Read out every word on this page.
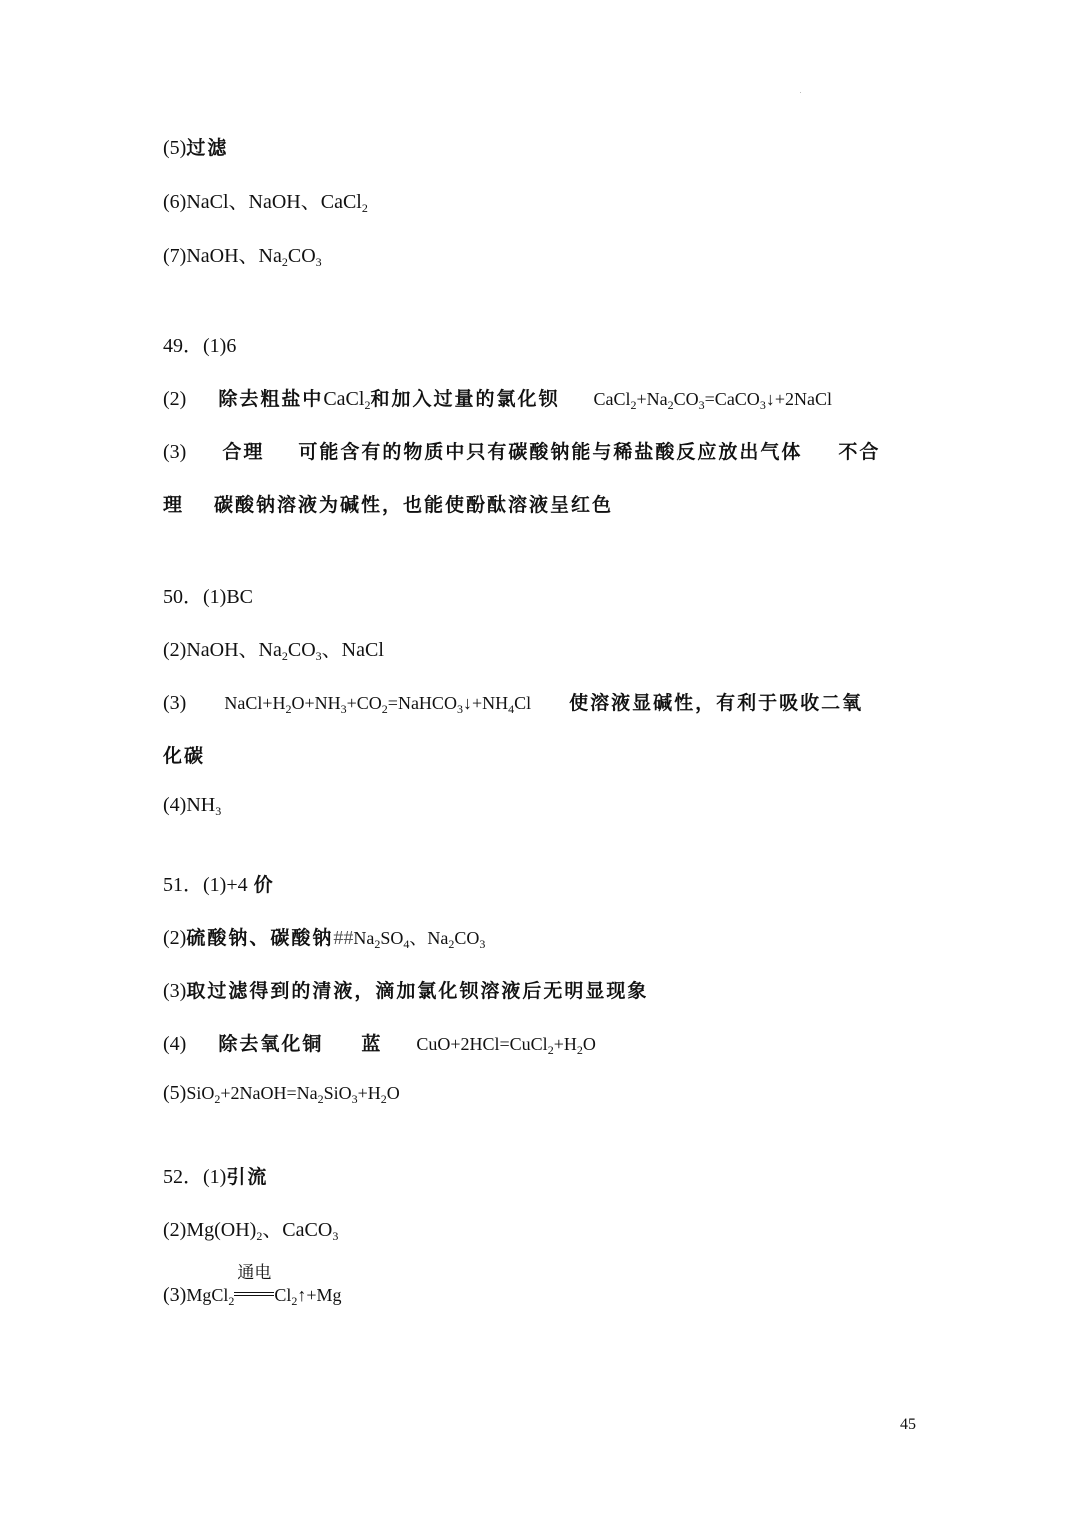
(5)过滤
(6)NaCl、NaOH、CaCl$_2$
(7)NaOH、$Na_2CO_3$
49．(1)6
(2) 除去粗盐中CaCl$_2$和加入过量的氯化钡 $CaCl_2+Na_2CO_3=CaCO_3↓+2NaCl$
(3) 合理 可能含有的物质中只有碳酸钠能与稀盐酸反应放出气体 不合
理 碳酸钠溶液为碱性，也能使酚酞溶液呈红色
50．(1)BC
(2)NaOH、$Na_2CO_3$、NaCl
(3) $NaCl+H_2O+NH_3+CO_2=NaHCO_3↓+NH_4Cl$ 使溶液显碱性，有利于吸收二氧
化碳
$(4)NH_3$
51．(1)+4 价
(2)硫酸钠、碳酸钠$\#\#Na_2SO_4$、$Na_2CO_3$
(3)取过滤得到的清液，滴加氯化钡溶液后无明显现象
(4) 除去氧化铜 蓝 $CuO+2HCl=CuCl_2+H_2O$
$(5)SiO_2+2NaOH=Na_2SiO_3+H_2O$
52．(1)引流
$(2)Mg(OH)_2$、CaCO$_3$
(3)MgCl$_2$
通电
$Cl_2↑+Mg$
45
